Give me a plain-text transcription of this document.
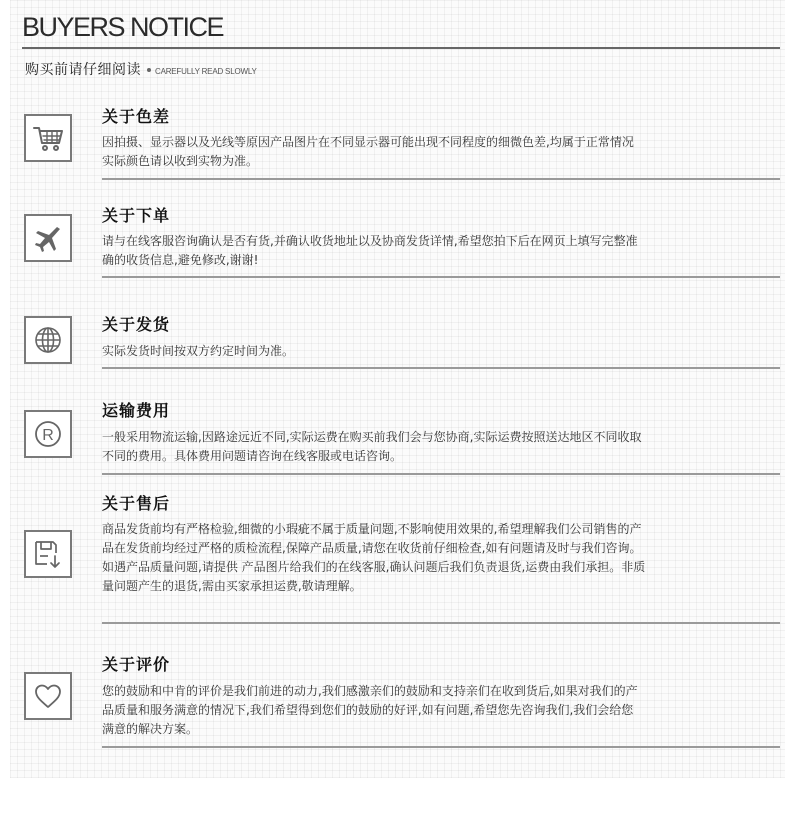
BUYERS NOTICE
购买前请仔细阅读 CAREFULLY READ SLOWLY
关于色差

因拍摄、显示器以及光线等原因产品图片在不同显示器可能出现不同程度的细微色差,均属于正常情况

实际颜色请以收到实物为准。

关于下单

请与在线客服咨询确认是否有货,并确认收货地址以及协商发货详情,希望您拍下后在网页上填写完整准

确的收货信息,避免修改,谢谢!

关于发货

实际发货时间按双方约定时间为准。

R
运输费用

一般采用物流运输,因路途远近不同,实际运费在购买前我们会与您协商,实际运费按照送达地区不同收取

不同的费用。具体费用问题请咨询在线客服或电话咨询。

关于售后

商品发货前均有严格检验,细微的小瑕疵不属于质量问题,不影响使用效果的,希望理解我们公司销售的产

品在发货前均经过严格的质检流程,保障产品质量,请您在收货前仔细检查,如有问题请及时与我们咨询。

如遇产品质量问题,请提供 产品图片给我们的在线客服,确认问题后我们负责退货,运费由我们承担。非质

量问题产生的退货,需由买家承担运费,敬请理解。

关于评价

您的鼓励和中肯的评价是我们前进的动力,我们感激亲们的鼓励和支持亲们在收到货后,如果对我们的产

品质量和服务满意的情况下,我们希望得到您们的鼓励的好评,如有问题,希望您先咨询我们,我们会给您

满意的解决方案。
